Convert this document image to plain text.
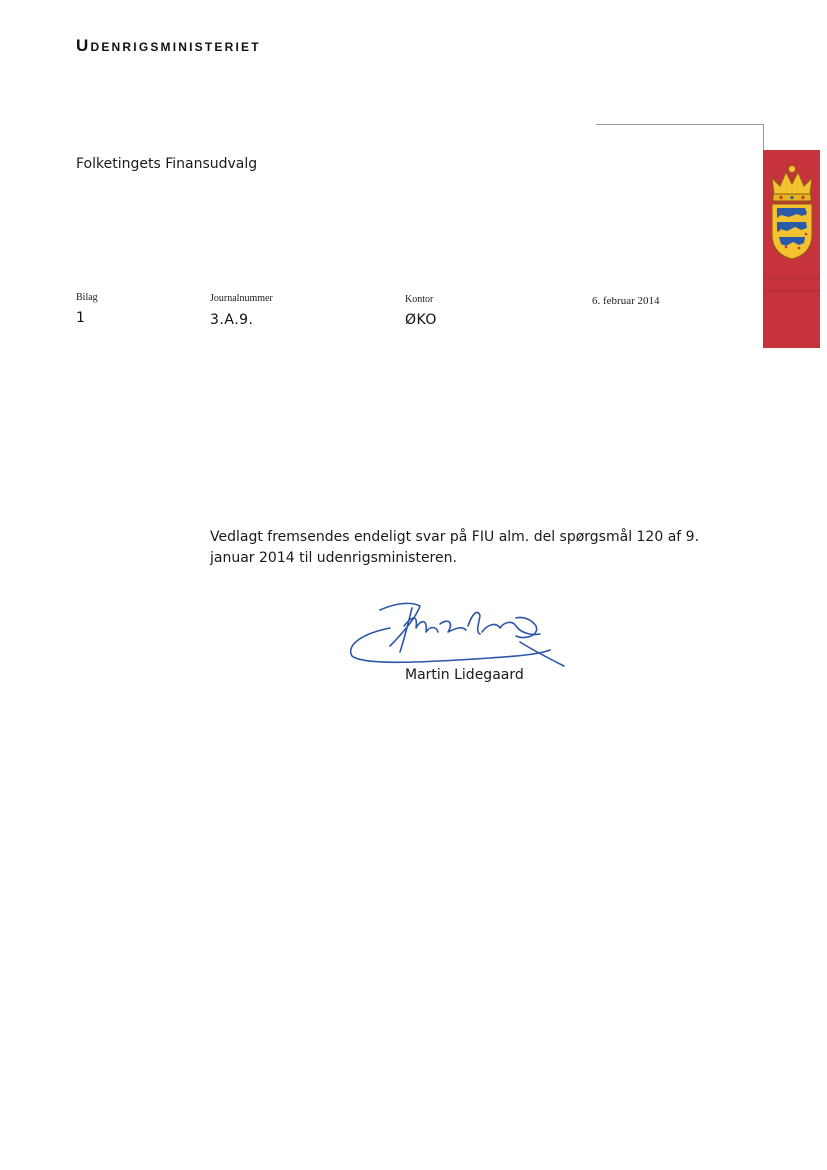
Udenrigsministeriet
Folketingets Finansudvalg
Bilag
1
Journalnummer
3.A.9.
Kontor
ØKO
6. februar 2014

Vedlagt fremsendes endeligt svar på FIU alm. del spørgsmål 120 af 9.
januar 2014 til udenrigsministeren.

Martin Lidegaard
